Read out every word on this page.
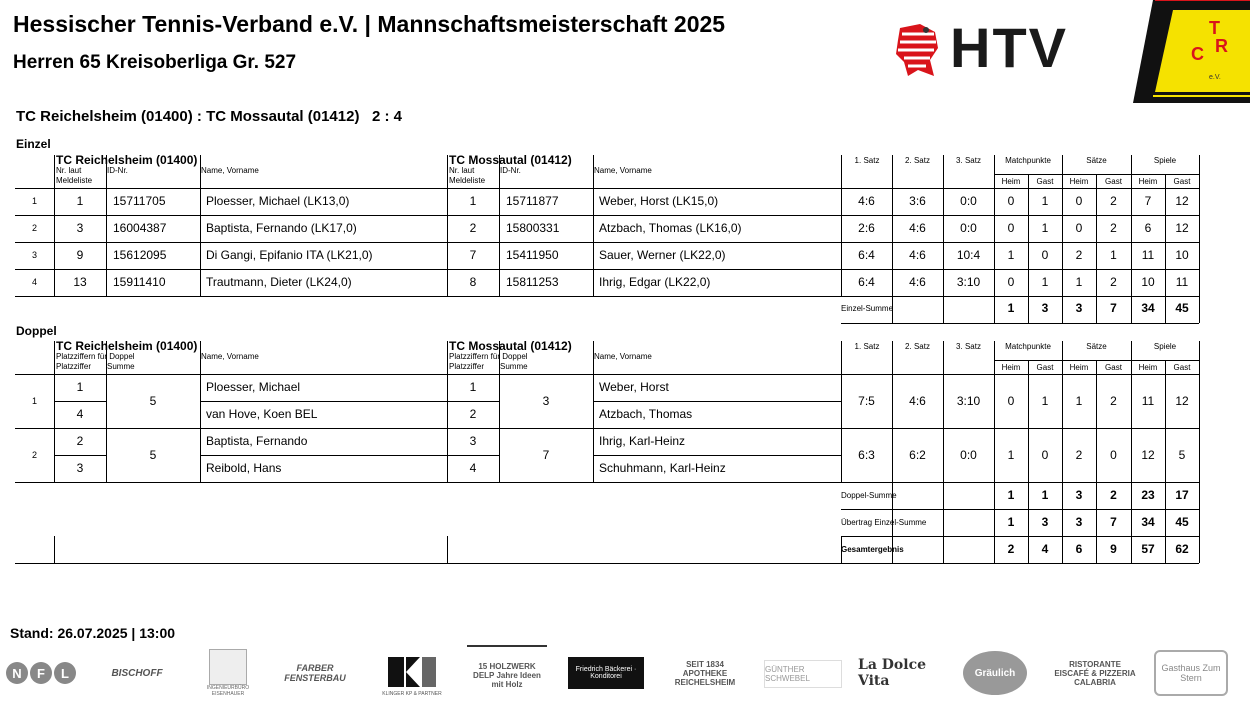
Hessischer Tennis-Verband e.V. | Mannschaftsmeisterschaft 2025
Herren 65 Kreisoberliga Gr. 527	HTV	T
C R
e.V.
TC Reichelsheim (01400) : TC Mossautal (01412)   2 : 4
Einzel
TC Reichelsheim (01400)	TC Mossautal (01412)
Nr. laut Meldeliste
ID-Nr.	Name, Vorname	Nr. laut Meldeliste
ID-Nr.	Name, Vorname
1. Satz	2. Satz	3. Satz	Matchpunkte	Sätze	Spiele
Heim	Gast	Heim	Gast	Heim	Gast
1	1	15711705	Ploesser, Michael (LK13,0)	1	15711877	Weber, Horst (LK15,0)	4:6	3:6	0:0	0	1	0	2	7	12
2	3	16004387	Baptista, Fernando (LK17,0)	2	15800331	Atzbach, Thomas (LK16,0)	2:6	4:6	0:0	0	1	0	2	6	12
3	9	15612095	Di Gangi, Epifanio ITA (LK21,0)	7	15411950	Sauer, Werner (LK22,0)	6:4	4:6	10:4	1	0	2	1	11	10
4	13	15911410	Trautmann, Dieter (LK24,0)	8	15811253	Ihrig, Edgar (LK22,0)	6:4	4:6	3:10	0	1	1	2	10	11
Einzel-Summe	1	3	3	7	34	45
Doppel
TC Reichelsheim (01400)	TC Mossautal (01412)
Platzziffern für Doppel
Platzziffer Summe
Name, Vorname	Platzziffern für Doppel
Platzziffer Summe
Name, Vorname
1. Satz	2. Satz	3. Satz	Matchpunkte	Sätze	Spiele
Heim	Gast	Heim	Gast	Heim	Gast
1
1	Ploesser, Michael	1	Weber, Horst
4	van Hove, Koen BEL	2	Atzbach, Thomas
5	3	7:5	4:6	3:10	0	1	1	2	11	12
2
2	Baptista, Fernando	3	Ihrig, Karl-Heinz
3	Reibold, Hans	4	Schuhmann, Karl-Heinz
5	7	6:3	6:2	0:0	1	0	2	0	12	5
Doppel-Summe	1	1	3	2	23	17
Übertrag Einzel-Summe	1	3	3	7	34	45
Gesamtergebnis	2	4	6	9	57	62
Stand: 26.07.2025 | 13:00
N	F	L	BISCHOFF
INGENIEURBÜRO EISENHAUER
FARBER FENSTERBAU
KLINGER KP & PARTNER
15 HOLZWERK DELP Jahre Ideen mit Holz
Friedrich Bäckerei · Konditorei
SEIT 1834 APOTHEKE REICHELSHEIM
GÜNTHER SCHWEBEL
La Dolce Vita	Gräulich
RISTORANTE EISCAFÉ & PIZZERIA CALABRIA
Gasthaus Zum Stern
